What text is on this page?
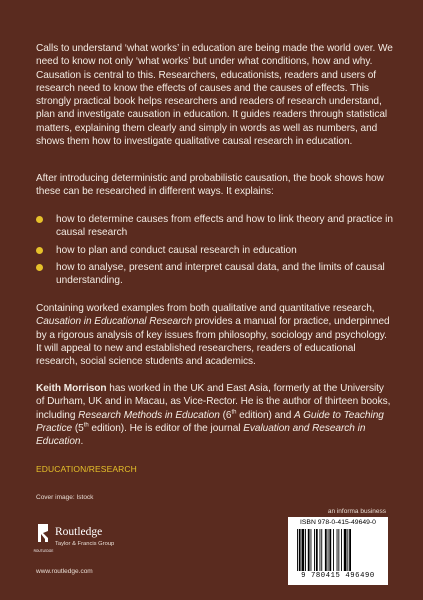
Calls to understand ‘what works’ in education are being made the world over. We need to know not only ‘what works’ but under what conditions, how and why. Causation is central to this. Researchers, educationists, readers and users of research need to know the effects of causes and the causes of effects. This strongly practical book helps researchers and readers of research understand, plan and investigate causation in education. It guides readers through statistical matters, explaining them clearly and simply in words as well as numbers, and shows them how to investigate qualitative causal research in education.

After introducing deterministic and probabilistic causation, the book shows how these can be researched in different ways. It explains:

how to determine causes from effects and how to link theory and practice in causal research
how to plan and conduct causal research in education
how to analyse, present and interpret causal data, and the limits of causal understanding.

Containing worked examples from both qualitative and quantitative research,
Causation in Educational Research provides a manual for practice, underpinned by a rigorous analysis of key issues from philosophy, sociology and psychology. It will appeal to new and established researchers, readers of educational research, social science students and academics.

Keith Morrison has worked in the UK and East Asia, formerly at the University of Durham, UK and in Macau, as Vice-Rector. He is the author of thirteen books, including Research Methods in Education (6th edition) and A Guide to Teaching Practice (5th edition). He is editor of the journal Evaluation and Research in Education.

EDUCATION/RESEARCH
Cover image: Istock
ROUTLEDGE
Routledge
Taylor & Francis Group
www.routledge.com
an informa business
ISBN 978-0-415-49649-0
9 780415 496490
